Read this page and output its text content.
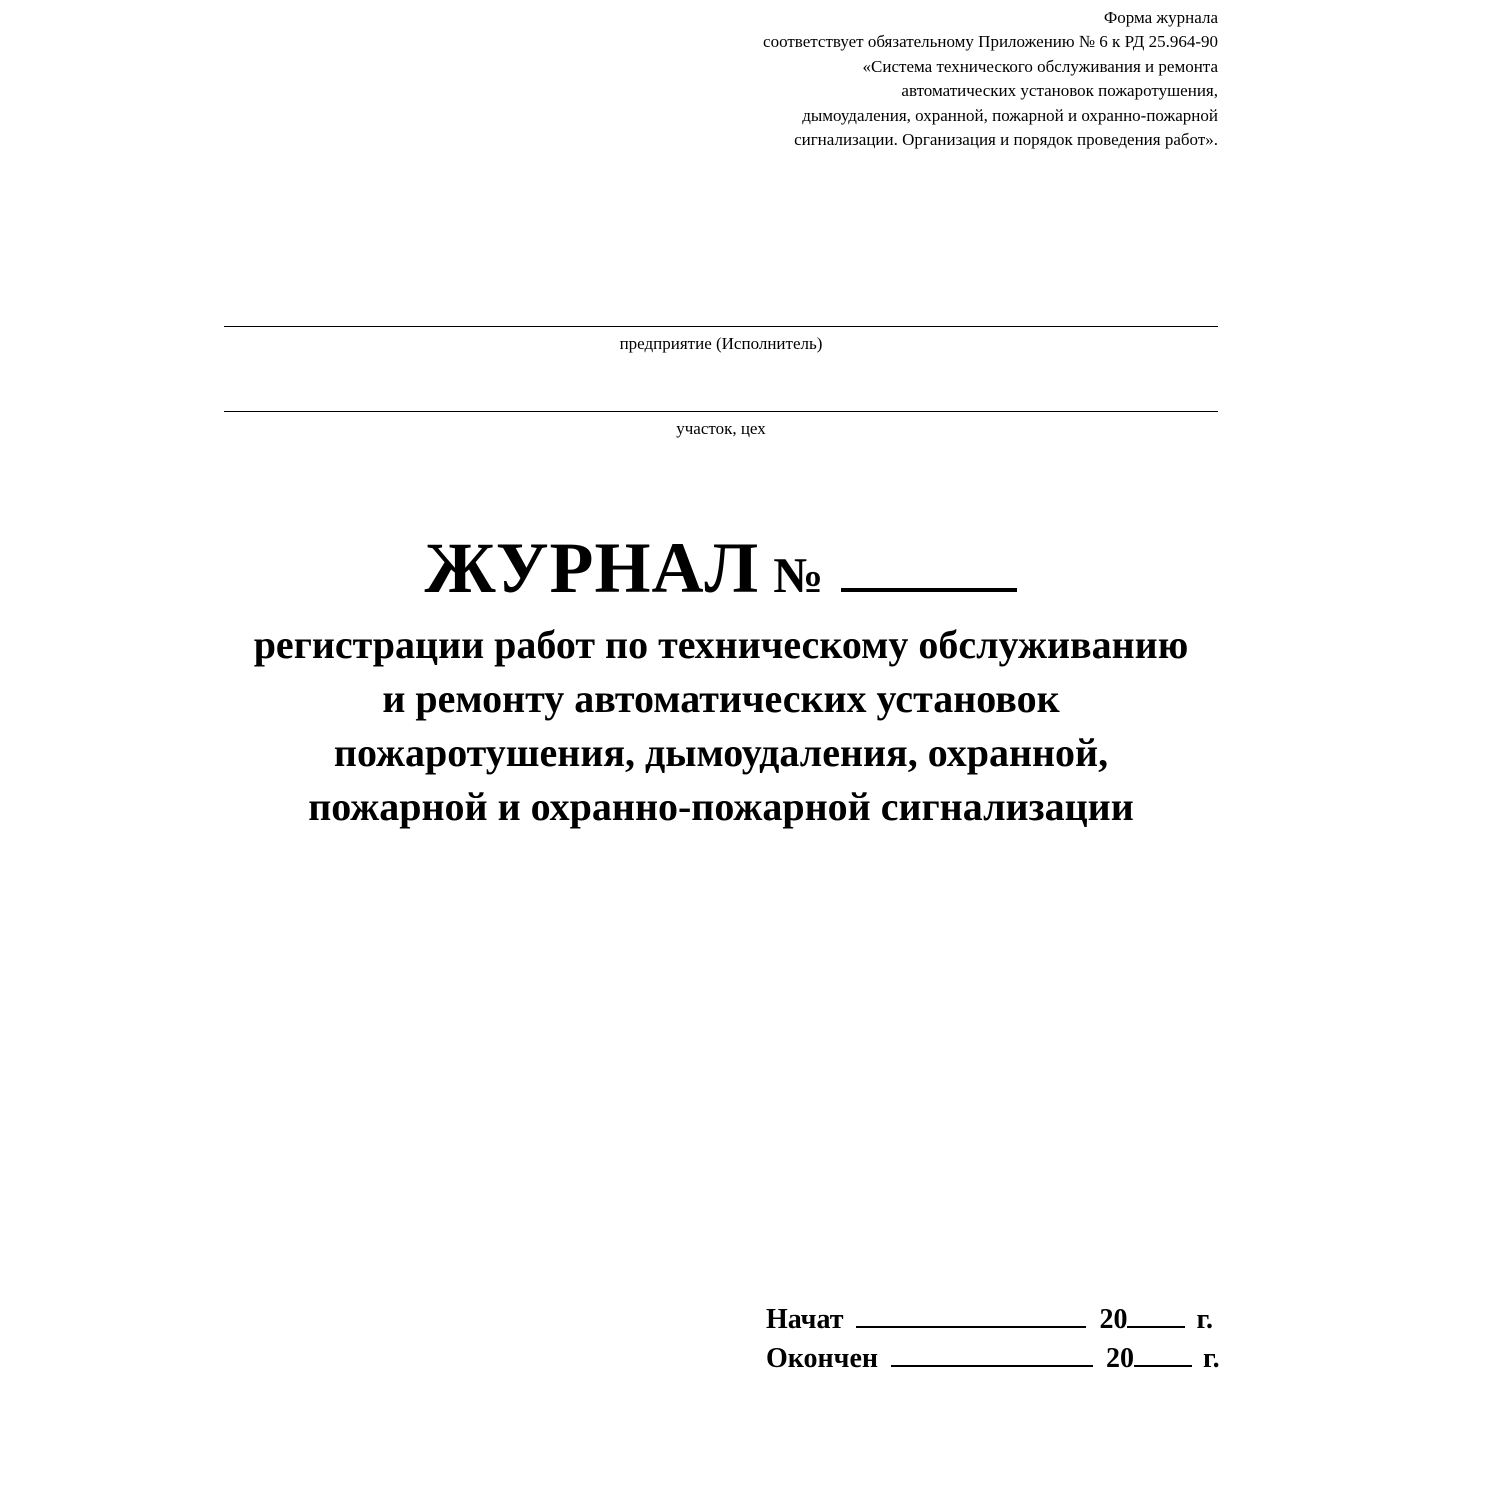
Форма журнала
соответствует обязательному Приложению № 6 к РД 25.964-90
«Система технического обслуживания и ремонта
автоматических установок пожаротушения,
дымоудаления, охранной, пожарной и охранно-пожарной
сигнализации. Организация и порядок проведения работ».
предприятие (Исполнитель)
участок, цех
ЖУРНАЛ №
регистрации работ по техническому обслуживанию
и ремонту автоматических установок
пожаротушения, дымоудаления, охранной,
пожарной и охранно-пожарной сигнализации
Начат	20 г.
Окончен	20 г.
